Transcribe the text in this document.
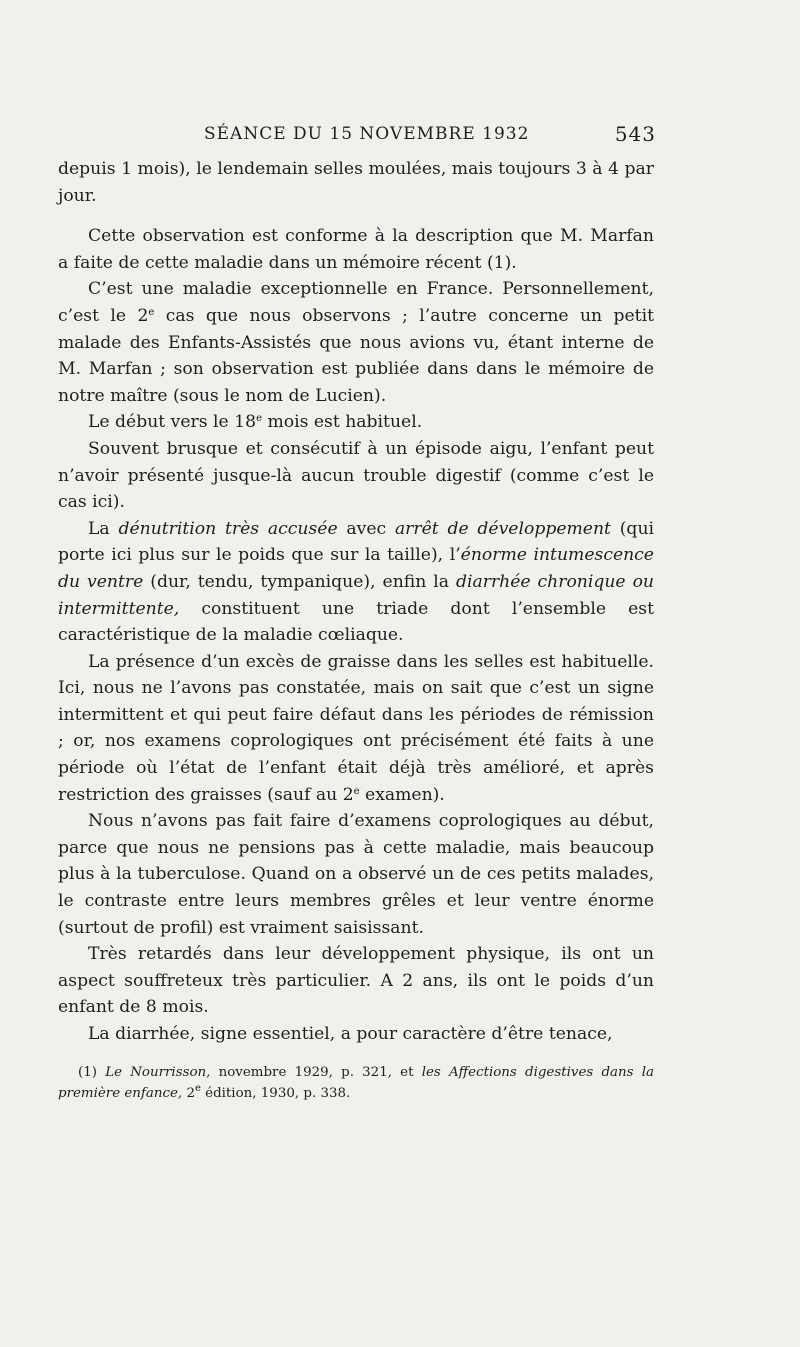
SÉANCE DU 15 NOVEMBRE 1932	543

depuis 1 mois), le lendemain selles moulées, mais toujours 3 à 4 par jour.

Cette observation est conforme à la description que M. Marfan a faite de cette maladie dans un mémoire récent (1).

C’est une maladie exceptionnelle en France. Personnellement, c’est le 2e cas que nous observons ; l’autre concerne un petit malade des Enfants-Assistés que nous avions vu, étant interne de M. Marfan ; son observation est publiée dans dans le mémoire de notre maître (sous le nom de Lucien).

Le début vers le 18e mois est habituel.

Souvent brusque et consécutif à un épisode aigu, l’enfant peut n’avoir présenté jusque-là aucun trouble digestif (comme c’est le cas ici).

La dénutrition très accusée avec arrêt de développement (qui porte ici plus sur le poids que sur la taille), l’énorme intumescence du ventre (dur, tendu, tympanique), enfin la diarrhée chronique ou intermittente, constituent une triade dont l’ensemble est caractéristique de la maladie cœliaque.

La présence d’un excès de graisse dans les selles est habituelle. Ici, nous ne l’avons pas constatée, mais on sait que c’est un signe intermittent et qui peut faire défaut dans les périodes de rémission ; or, nos examens coprologiques ont précisément été faits à une période où l’état de l’enfant était déjà très amélioré, et après restriction des graisses (sauf au 2e examen).

Nous n’avons pas fait faire d’examens coprologiques au début, parce que nous ne pensions pas à cette maladie, mais beaucoup plus à la tuberculose. Quand on a observé un de ces petits malades, le contraste entre leurs membres grêles et leur ventre énorme (surtout de profil) est vraiment saisissant.

Très retardés dans leur développement physique, ils ont un aspect souffreteux très particulier. A 2 ans, ils ont le poids d’un enfant de 8 mois.

La diarrhée, signe essentiel, a pour caractère d’être tenace,

(1) Le Nourrisson, novembre 1929, p. 321, et les Affections digestives dans la première enfance, 2e édition, 1930, p. 338.
